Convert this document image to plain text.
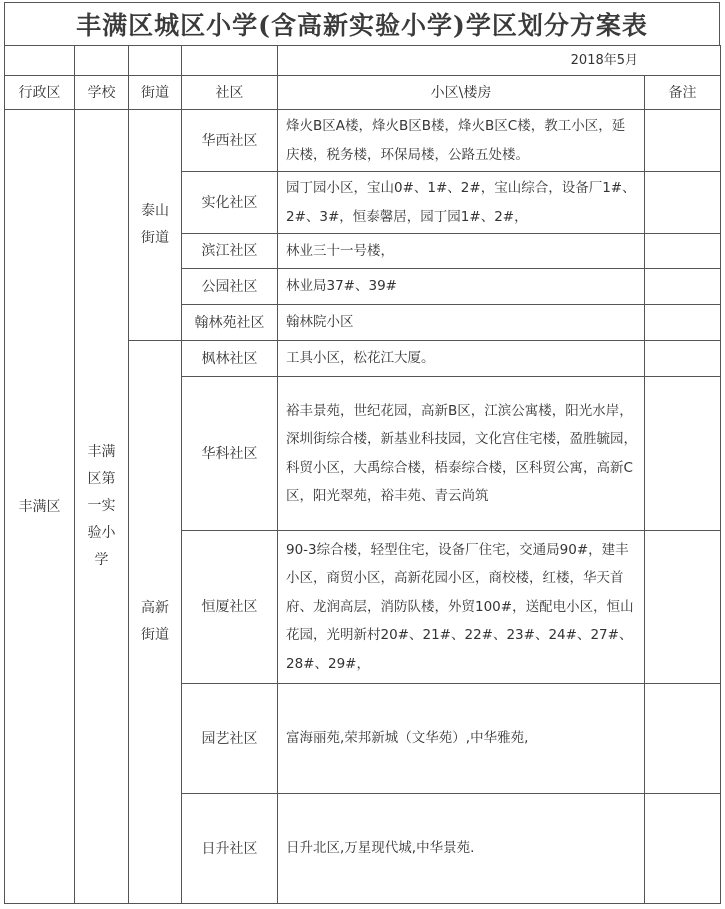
丰满区城区小学(含高新实验小学)学区划分方案表
				2018年5月	
行政区	学校	街道	社区	小区\楼房	备注
丰满区	丰满区第一实验小学	泰山街道	华西社区	烽火B区A楼，烽火B区B楼，烽火B区C楼，教工小区，延庆楼，税务楼，环保局楼，公路五处楼。	
			实化社区	园丁园小区，宝山0#、1#、2#，宝山综合，设备厂1#、2#、3#，恒泰馨居，园丁园1#、2#，	
			滨江社区	林业三十一号楼，	
			公园社区	林业局37#、39#	
			翰林苑社区	翰林院小区	
		高新街道	枫林社区	工具小区，松花江大厦。	
			华科社区	裕丰景苑，世纪花园，高新B区，江滨公寓楼，阳光水岸，深圳街综合楼，新基业科技园，文化宫住宅楼，盈胜毓园，科贸小区，大禹综合楼，梧泰综合楼，区科贸公寓，高新C区，阳光翠苑，裕丰苑、青云尚筑	
			恒厦社区	90-3综合楼，轻型住宅，设备厂住宅，交通局90#，建丰小区，商贸小区，高新花园小区，商校楼，红楼，华天首府、龙润高层，消防队楼，外贸100#，送配电小区，恒山花园，光明新村20#、21#、22#、23#、24#、27#、28#、29#，	
			园艺社区	富海丽苑,荣邦新城（文华苑）,中华雅苑,	
			日升社区	日升北区,万星现代城,中华景苑.	
